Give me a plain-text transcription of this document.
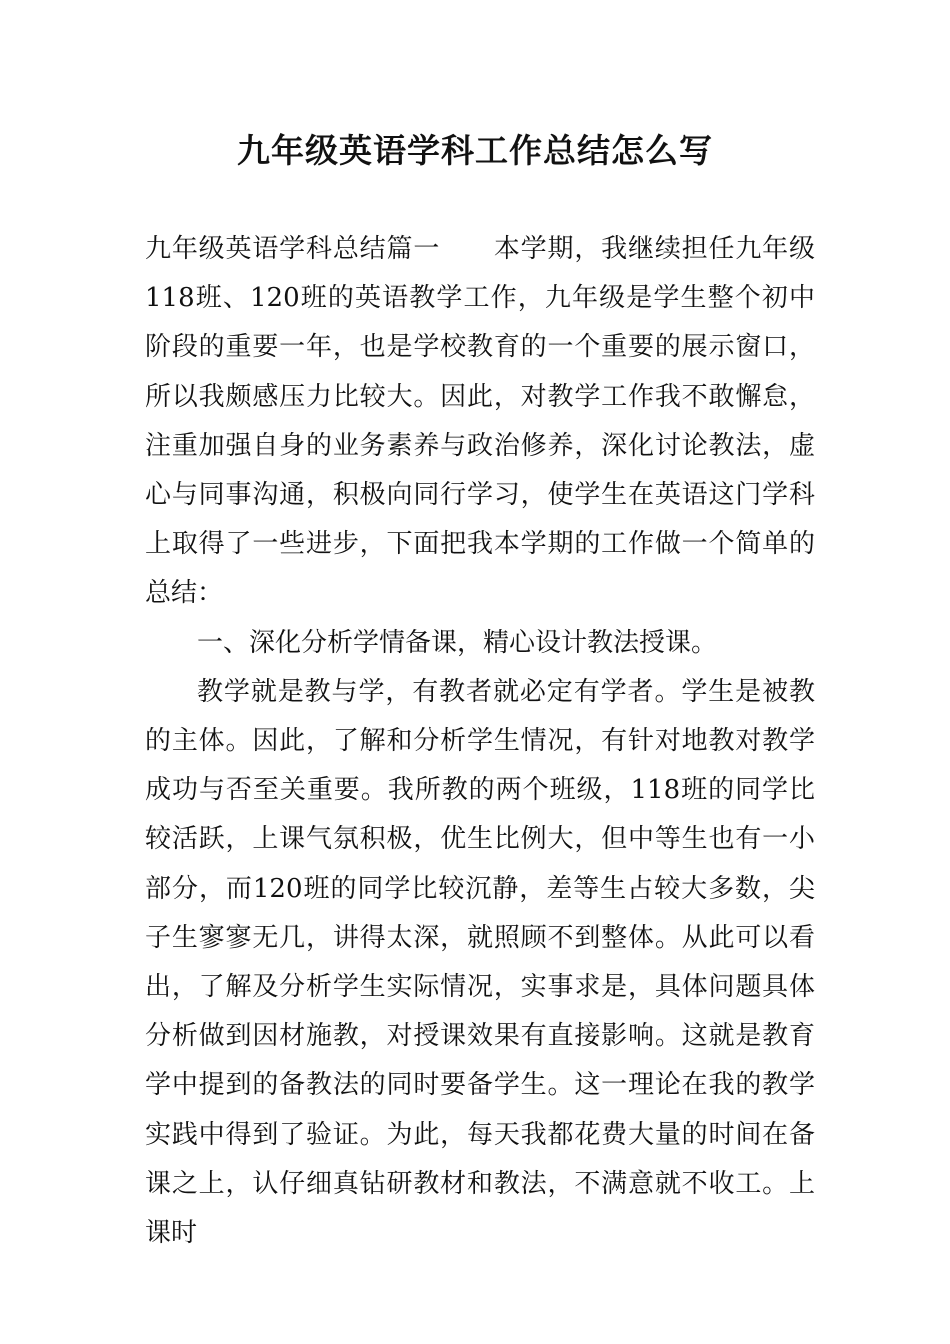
九年级英语学科工作总结怎么写

九年级英语学科总结篇一　　本学期，我继续担任九年级118班、120班的英语教学工作，九年级是学生整个初中阶段的重要一年，也是学校教育的一个重要的展示窗口，所以我颇感压力比较大。因此，对教学工作我不敢懈怠，注重加强自身的业务素养与政治修养，深化讨论教法，虚心与同事沟通，积极向同行学习，使学生在英语这门学科上取得了一些进步，下面把我本学期的工作做一个简单的总结：

一、深化分析学情备课，精心设计教法授课。

教学就是教与学，有教者就必定有学者。学生是被教的主体。因此，了解和分析学生情况，有针对地教对教学成功与否至关重要。我所教的两个班级，118班的同学比较活跃，上课气氛积极，优生比例大，但中等生也有一小部分，而120班的同学比较沉静，差等生占较大多数，尖子生寥寥无几，讲得太深，就照顾不到整体。从此可以看出，了解及分析学生实际情况，实事求是，具体问题具体分析做到因材施教，对授课效果有直接影响。这就是教育学中提到的备教法的同时要备学生。这一理论在我的教学实践中得到了验证。为此，每天我都花费大量的时间在备课之上，认仔细真钻研教材和教法，不满意就不收工。上课时
